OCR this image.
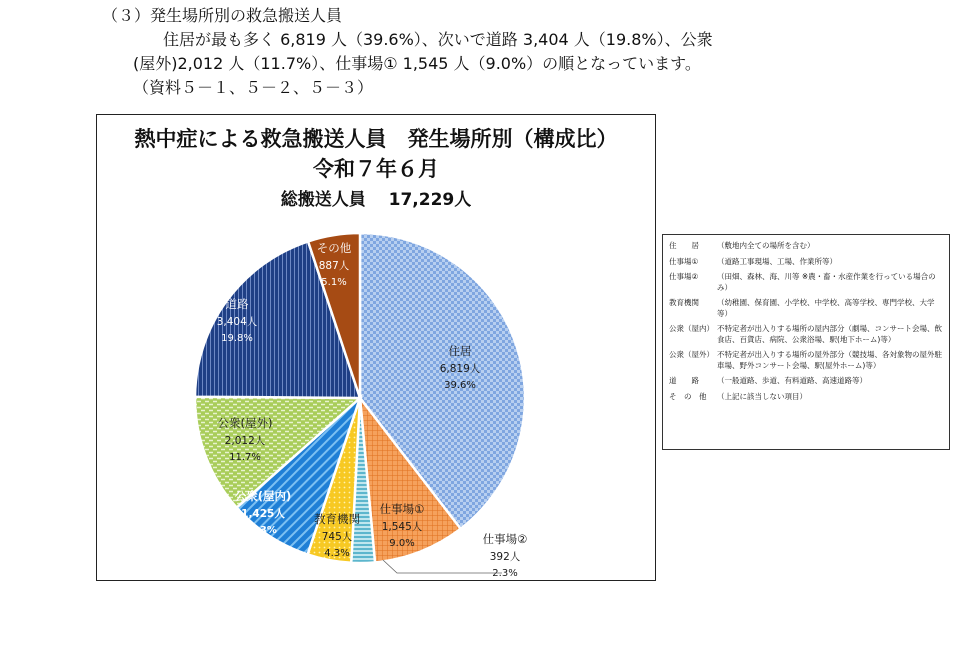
（３）発生場所別の救急搬送人員
住居が最も多く 6,819 人（39.6%）、次いで道路 3,404 人（19.8%）、公衆
(屋外)2,012 人（11.7%）、仕事場① 1,545 人（9.0%）の順となっています。
（資料５－１、５－２、５－３）
熱中症による救急搬送人員　発生場所別（構成比）
令和７年６月
総搬送人員　 17,229人
住居
6,819人
39.6%
仕事場①
1,545人
9.0%	仕事場②
392人
2.3%
教育機関
745人
4.3%
公衆(屋内)
1,425人
8.3%
公衆(屋外)
2,012人
11.7%
道路
3,404人
19.8%
その他
887人
5.1%
住　　居	（敷地内全ての場所を含む）
仕事場①	（道路工事現場、工場、作業所等）
仕事場②	（田畑、森林、海、川等 ※農・畜・水産作業を行っている場合のみ）
教育機関	（幼稚園、保育園、小学校、中学校、高等学校、専門学校、大学等）
公衆（屋内） 不特定者が出入りする場所の屋内部分（劇場、コンサート会場、飲食店、百貨店、病院、公衆浴場、駅(地下ホーム)等）
公衆（屋外） 不特定者が出入りする場所の屋外部分（競技場、各対象物の屋外駐車場、野外コンサート会場、駅(屋外ホーム)等）
道　　路	（一般道路、歩道、有料道路、高速道路等）
そ　の　他	（上記に該当しない項目）
